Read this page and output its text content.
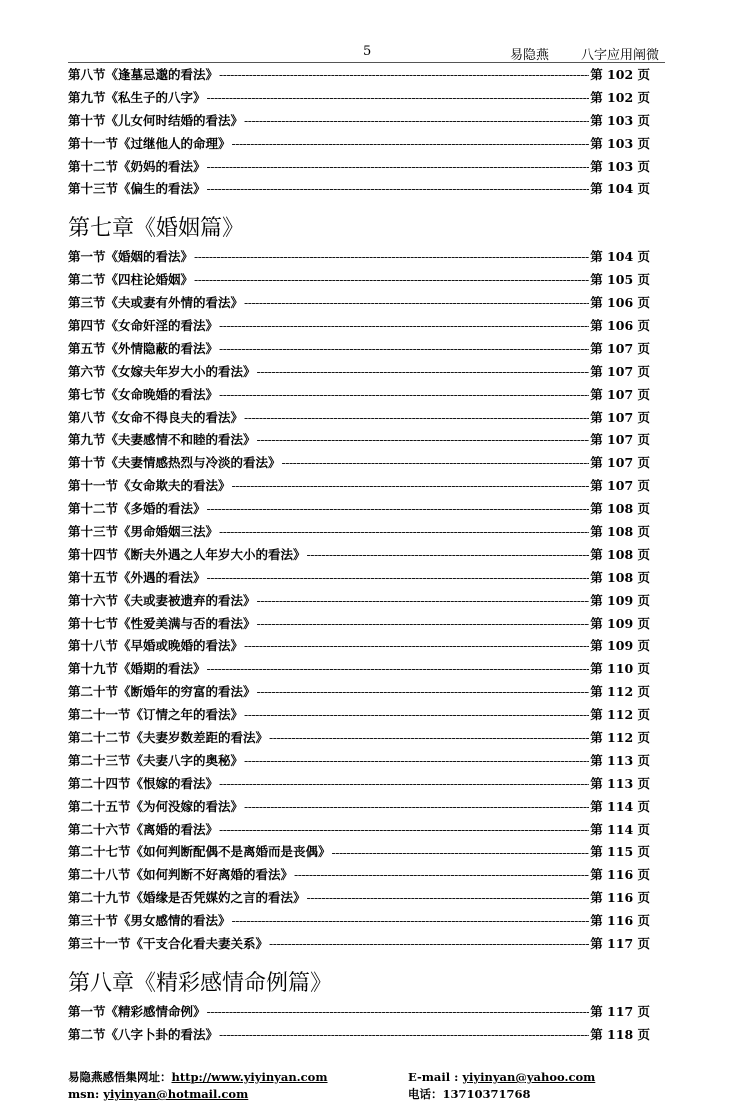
5	易隐燕 八字应用阐微
第八节《逢墓忌邈的看法》 -----	第 102 页
第九节《私生子的八字》 -----	第 102 页
第十节《儿女何时结婚的看法》 -----	第 103 页
第十一节《过继他人的命理》 -----	第 103 页
第十二节《奶妈的看法》 -----	第 103 页
第十三节《偏生的看法》 -----	第 104 页
第七章《婚姻篇》
第一节《婚姻的看法》 -----	第 104 页
第二节《四柱论婚姻》 -----	第 105 页
第三节《夫或妻有外情的看法》 -----	第 106 页
第四节《女命奸淫的看法》 -----	第 106 页
第五节《外情隐蔽的看法》 -----	第 107 页
第六节《女嫁夫年岁大小的看法》 -----	第 107 页
第七节《女命晚婚的看法》 -----	第 107 页
第八节《女命不得良夫的看法》 -----	第 107 页
第九节《夫妻感情不和睦的看法》 -----	第 107 页
第十节《夫妻情感热烈与冷淡的看法》 -----	第 107 页
第十一节《女命欺夫的看法》 -----	第 107 页
第十二节《多婚的看法》 -----	第 108 页
第十三节《男命婚姻三法》 -----	第 108 页
第十四节《断夫外遇之人年岁大小的看法》 -----	第 108 页
第十五节《外遇的看法》 -----	第 108 页
第十六节《夫或妻被遗弃的看法》 -----	第 109 页
第十七节《性爱美满与否的看法》 -----	第 109 页
第十八节《早婚或晚婚的看法》 -----	第 109 页
第十九节《婚期的看法》 -----	第 110 页
第二十节《断婚年的穷富的看法》 -----	第 112 页
第二十一节《订情之年的看法》 -----	第 112 页
第二十二节《夫妻岁数差距的看法》 -----	第 112 页
第二十三节《夫妻八字的奥秘》 -----	第 113 页
第二十四节《恨嫁的看法》 -----	第 113 页
第二十五节《为何没嫁的看法》 -----	第 114 页
第二十六节《离婚的看法》 -----	第 114 页
第二十七节《如何判断配偶不是离婚而是丧偶》 -----	第 115 页
第二十八节《如何判断不好离婚的看法》 -----	第 116 页
第二十九节《婚缘是否凭媒妁之言的看法》 -----	第 116 页
第三十节《男女感情的看法》 -----	第 116 页
第三十一节《干支合化看夫妻关系》 -----	第 117 页
第八章《精彩感情命例篇》
第一节《精彩感情命例》 -----	第 117 页
第二节《八字卜卦的看法》 -----	第 118 页
易隐燕感悟集网址：http://www.yiyinyan.com
msn: yiyinyan@hotmail.com
E-mail : yiyinyan@yahoo.com
电话：13710371768
